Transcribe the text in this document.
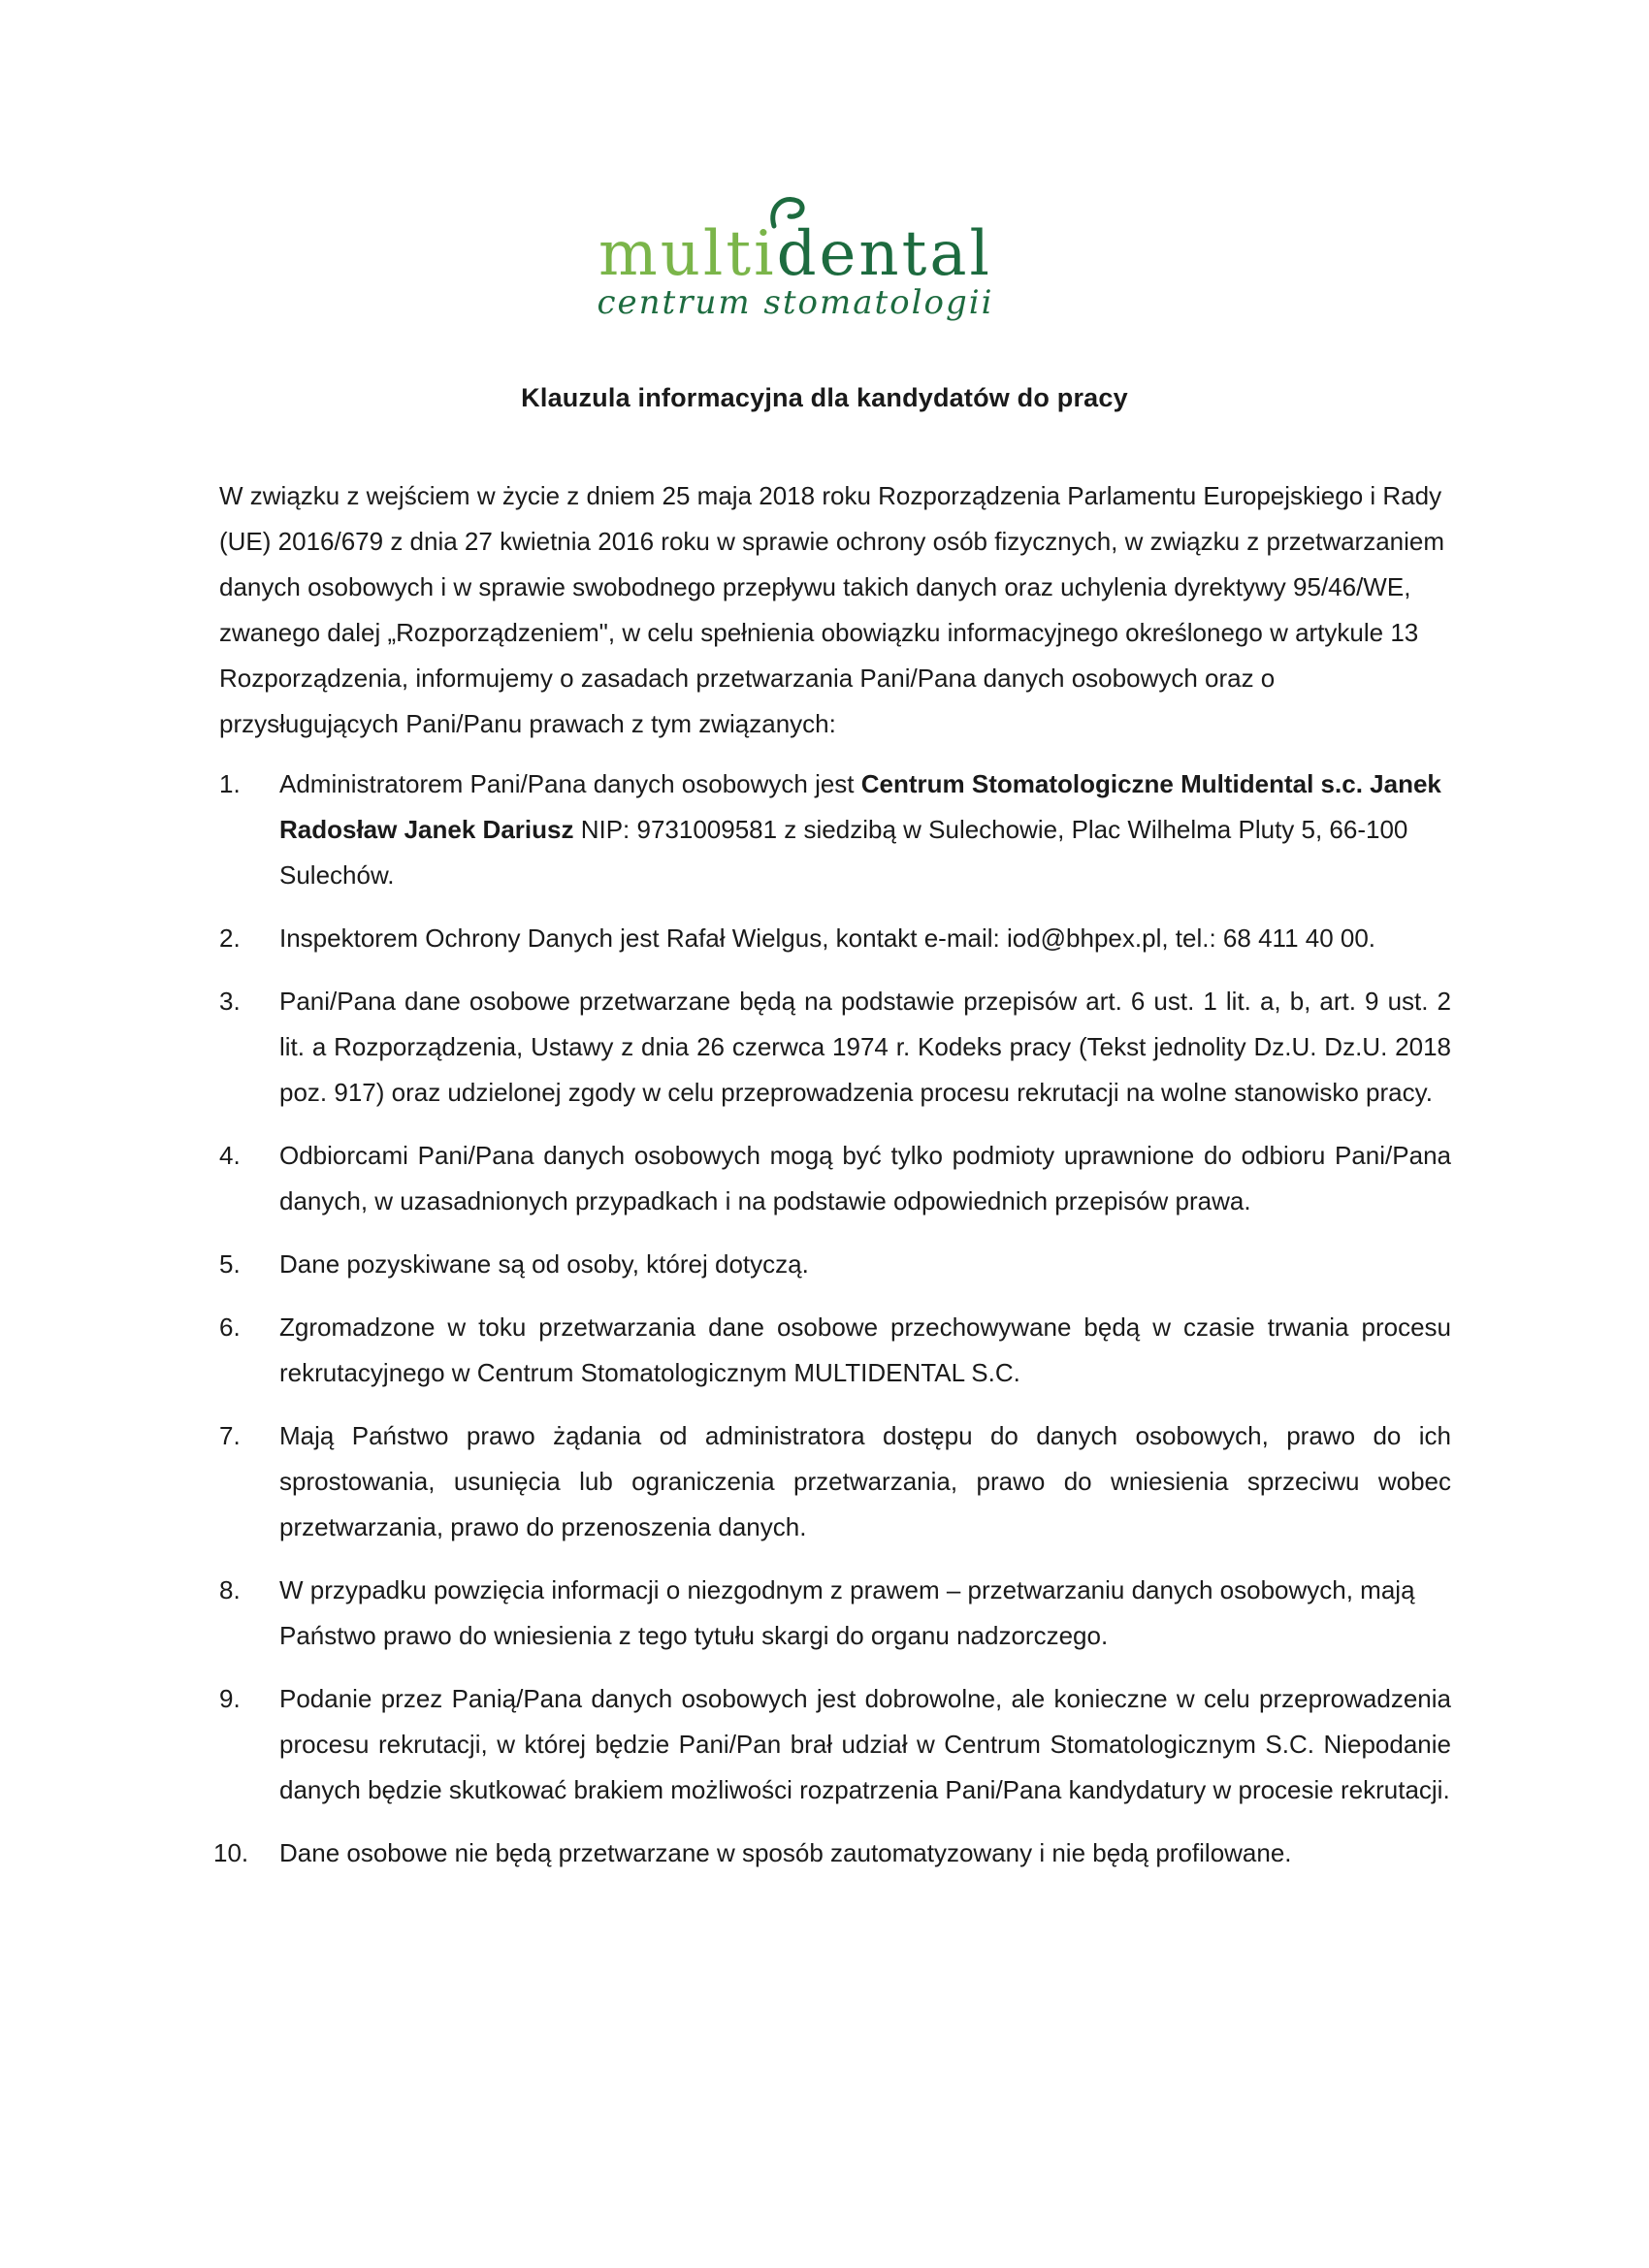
multidental
centrum stomatologii
Klauzula informacyjna dla kandydatów do pracy

W związku z wejściem w życie z dniem 25 maja 2018 roku Rozporządzenia Parlamentu Europejskiego i Rady (UE) 2016/679 z dnia 27 kwietnia 2016 roku w sprawie ochrony osób fizycznych, w związku z przetwarzaniem danych osobowych i w sprawie swobodnego przepływu takich danych oraz uchylenia dyrektywy 95/46/WE, zwanego dalej „Rozporządzeniem", w celu spełnienia obowiązku informacyjnego określonego w artykule 13 Rozporządzenia, informujemy o zasadach przetwarzania Pani/Pana danych osobowych oraz o przysługujących Pani/Panu prawach z tym związanych:

1. Administratorem Pani/Pana danych osobowych jest Centrum Stomatologiczne Multidental s.c. Janek Radosław Janek Dariusz NIP: 9731009581 z siedzibą w Sulechowie, Plac Wilhelma Pluty 5, 66-100 Sulechów.
2. Inspektorem Ochrony Danych jest Rafał Wielgus, kontakt e-mail: iod@bhpex.pl, tel.: 68 411 40 00.
3. Pani/Pana dane osobowe przetwarzane będą na podstawie przepisów art. 6 ust. 1 lit. a, b, art. 9 ust. 2 lit. a Rozporządzenia, Ustawy z dnia 26 czerwca 1974 r. Kodeks pracy (Tekst jednolity Dz.U. Dz.U. 2018 poz. 917) oraz udzielonej zgody w celu przeprowadzenia procesu rekrutacji na wolne stanowisko pracy.
4. Odbiorcami Pani/Pana danych osobowych mogą być tylko podmioty uprawnione do odbioru Pani/Pana danych, w uzasadnionych przypadkach i na podstawie odpowiednich przepisów prawa.
5. Dane pozyskiwane są od osoby, której dotyczą.
6. Zgromadzone w toku przetwarzania dane osobowe przechowywane będą w czasie trwania procesu rekrutacyjnego w Centrum Stomatologicznym MULTIDENTAL S.C.
7. Mają Państwo prawo żądania od administratora dostępu do danych osobowych, prawo do ich sprostowania, usunięcia lub ograniczenia przetwarzania, prawo do wniesienia sprzeciwu wobec przetwarzania, prawo do przenoszenia danych.
8. W przypadku powzięcia informacji o niezgodnym z prawem – przetwarzaniu danych osobowych, mają Państwo prawo do wniesienia z tego tytułu skargi do organu nadzorczego.
9. Podanie przez Panią/Pana danych osobowych jest dobrowolne, ale konieczne w celu przeprowadzenia procesu rekrutacji, w której będzie Pani/Pan brał udział w Centrum Stomatologicznym S.C. Niepodanie danych będzie skutkować brakiem możliwości rozpatrzenia Pani/Pana kandydatury w procesie rekrutacji.
10. Dane osobowe nie będą przetwarzane w sposób zautomatyzowany i nie będą profilowane.
